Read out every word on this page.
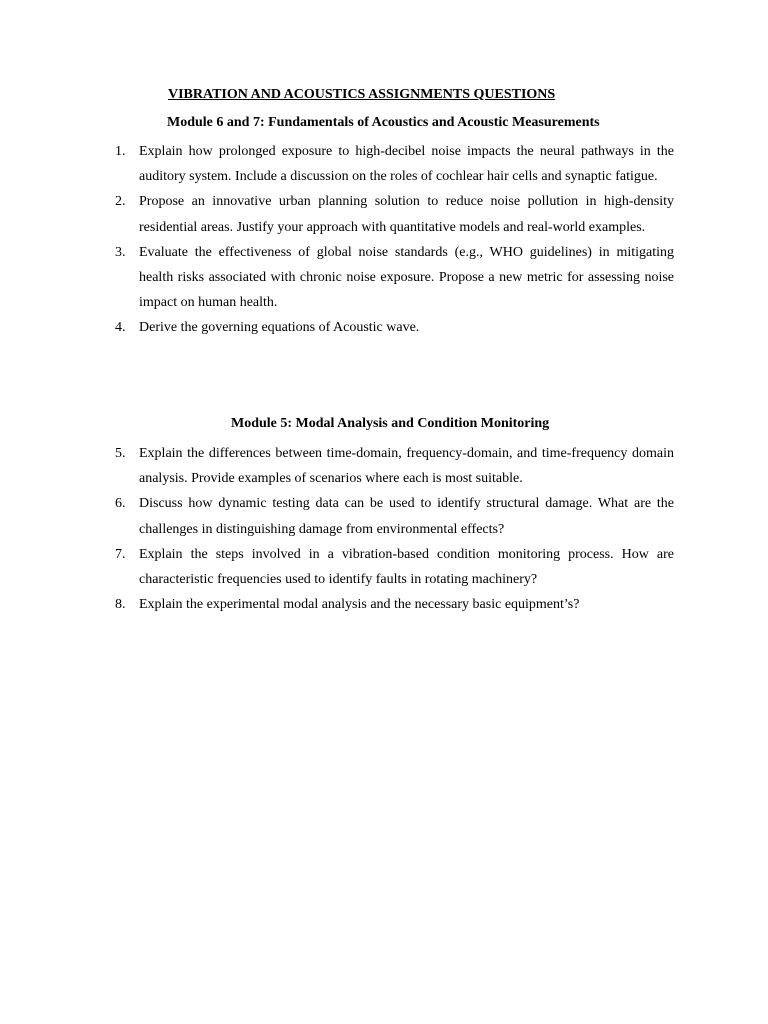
VIBRATION AND ACOUSTICS ASSIGNMENTS QUESTIONS
Module 6 and 7: Fundamentals of Acoustics and Acoustic Measurements
1. Explain how prolonged exposure to high-decibel noise impacts the neural pathways in the auditory system. Include a discussion on the roles of cochlear hair cells and synaptic fatigue.
2. Propose an innovative urban planning solution to reduce noise pollution in high-density residential areas. Justify your approach with quantitative models and real-world examples.
3. Evaluate the effectiveness of global noise standards (e.g., WHO guidelines) in mitigating health risks associated with chronic noise exposure. Propose a new metric for assessing noise impact on human health.
4. Derive the governing equations of Acoustic wave.
Module 5: Modal Analysis and Condition Monitoring
5. Explain the differences between time-domain, frequency-domain, and time-frequency domain analysis. Provide examples of scenarios where each is most suitable.
6. Discuss how dynamic testing data can be used to identify structural damage. What are the challenges in distinguishing damage from environmental effects?
7. Explain the steps involved in a vibration-based condition monitoring process. How are characteristic frequencies used to identify faults in rotating machinery?
8. Explain the experimental modal analysis and the necessary basic equipment’s?
